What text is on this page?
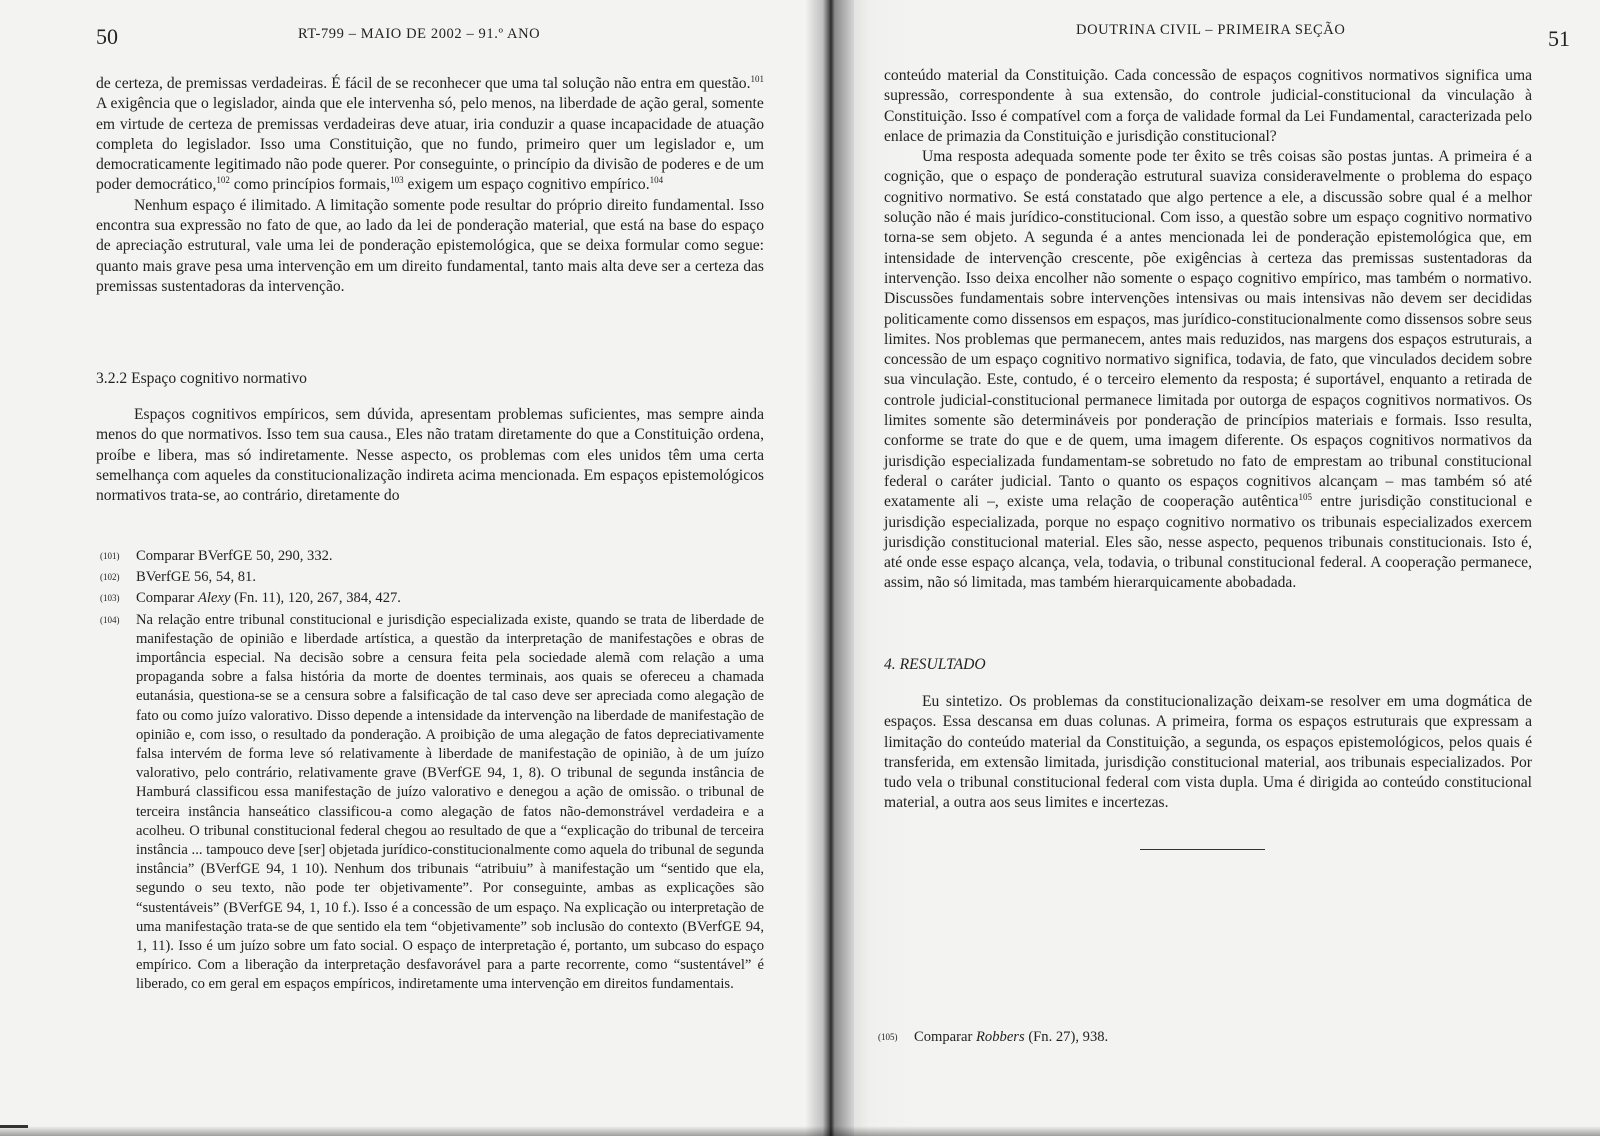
50	RT-799 – MAIO DE 2002 – 91.º ANO

de certeza, de premissas verdadeiras. É fácil de se reconhecer que uma tal solução não entra em questão.$^{101}$ A exigência que o legislador, ainda que ele intervenha só, pelo menos, na liberdade de ação geral, somente em virtude de certeza de premissas verdadeiras deve atuar, iria conduzir a quase incapacidade de atuação completa do legislador. Isso uma Constituição, que no fundo, primeiro quer um legislador e, um democraticamente legitimado não pode querer. Por conseguinte, o princípio da divisão de poderes e de um poder democrático,$^{102}$ como princípios formais,$^{103}$ exigem um espaço cognitivo empírico.$^{104}$

Nenhum espaço é ilimitado. A limitação somente pode resultar do próprio direito fundamental. Isso encontra sua expressão no fato de que, ao lado da lei de ponderação material, que está na base do espaço de apreciação estrutural, vale uma lei de ponderação epistemológica, que se deixa formular como segue: quanto mais grave pesa uma intervenção em um direito fundamental, tanto mais alta deve ser a certeza das premissas sustentadoras da intervenção.

3.2.2 Espaço cognitivo normativo

Espaços cognitivos empíricos, sem dúvida, apresentam problemas suficientes, mas sempre ainda menos do que normativos. Isso tem sua causa., Eles não tratam diretamente do que a Constituição ordena, proíbe e libera, mas só indiretamente. Nesse aspecto, os problemas com eles unidos têm uma certa semelhança com aqueles da constitucionalização indireta acima mencionada. Em espaços epistemológicos normativos trata-se, ao contrário, diretamente do

(101) Comparar BVerfGE 50, 290, 332.
(102) BVerfGE 56, 54, 81.
(103) Comparar Alexy (Fn. 11), 120, 267, 384, 427.
(104) Na relação entre tribunal constitucional e jurisdição especializada existe, quando se trata de liberdade de manifestação de opinião e liberdade artística, a questão da interpretação de manifestações e obras de importância especial. Na decisão sobre a censura feita pela sociedade alemã com relação a uma propaganda sobre a falsa história da morte de doentes terminais, aos quais se ofereceu a chamada eutanásia, questiona-se se a censura sobre a falsificação de tal caso deve ser apreciada como alegação de fato ou como juízo valorativo. Disso depende a intensidade da intervenção na liberdade de manifestação de opinião e, com isso, o resultado da ponderação. A proibição de uma alegação de fatos depreciativamente falsa intervém de forma leve só relativamente à liberdade de manifestação de opinião, à de um juízo valorativo, pelo contrário, relativamente grave (BVerfGE 94, 1, 8). O tribunal de segunda instância de Hamburá classificou essa manifestação de juízo valorativo e denegou a ação de omissão. o tribunal de terceira instância hanseático classificou-a como alegação de fatos não-demonstrável verdadeira e a acolheu. O tribunal constitucional federal chegou ao resultado de que a “explicação do tribunal de terceira instância ... tampouco deve [ser] objetada jurídico-constitucionalmente como aquela do tribunal de segunda instância” (BVerfGE 94, 1 10). Nenhum dos tribunais “atribuiu” à manifestação um “sentido que ela, segundo o seu texto, não pode ter objetivamente”. Por conseguinte, ambas as explicações são “sustentáveis” (BVerfGE 94, 1, 10 f.). Isso é a concessão de um espaço. Na explicação ou interpretação de uma manifestação trata-se de que sentido ela tem “objetivamente” sob inclusão do contexto (BVerfGE 94, 1, 11). Isso é um juízo sobre um fato social. O espaço de interpretação é, portanto, um subcaso do espaço empírico. Com a liberação da interpretação desfavorável para a parte recorrente, como “sustentável” é liberado, co em geral em espaços empíricos, indiretamente uma intervenção em direitos fundamentais.
DOUTRINA CIVIL – PRIMEIRA SEÇÃO	51

conteúdo material da Constituição. Cada concessão de espaços cognitivos normativos significa uma supressão, correspondente à sua extensão, do controle judicial-constitucional da vinculação à Constituição. Isso é compatível com a força de validade formal da Lei Fundamental, caracterizada pelo enlace de primazia da Constituição e jurisdição constitucional?

Uma resposta adequada somente pode ter êxito se três coisas são postas juntas. A primeira é a cognição, que o espaço de ponderação estrutural suaviza consideravelmente o problema do espaço cognitivo normativo. Se está constatado que algo pertence a ele, a discussão sobre qual é a melhor solução não é mais jurídico-constitucional. Com isso, a questão sobre um espaço cognitivo normativo torna-se sem objeto. A segunda é a antes mencionada lei de ponderação epistemológica que, em intensidade de intervenção crescente, põe exigências à certeza das premissas sustentadoras da intervenção. Isso deixa encolher não somente o espaço cognitivo empírico, mas também o normativo. Discussões fundamentais sobre intervenções intensivas ou mais intensivas não devem ser decididas politicamente como dissensos em espaços, mas jurídico-constitucionalmente como dissensos sobre seus limites. Nos problemas que permanecem, antes mais reduzidos, nas margens dos espaços estruturais, a concessão de um espaço cognitivo normativo significa, todavia, de fato, que vinculados decidem sobre sua vinculação. Este, contudo, é o terceiro elemento da resposta; é suportável, enquanto a retirada de controle judicial-constitucional permanece limitada por outorga de espaços cognitivos normativos. Os limites somente são determináveis por ponderação de princípios materiais e formais. Isso resulta, conforme se trate do que e de quem, uma imagem diferente. Os espaços cognitivos normativos da jurisdição especializada fundamentam-se sobretudo no fato de emprestam ao tribunal constitucional federal o caráter judicial. Tanto o quanto os espaços cognitivos alcançam – mas também só até exatamente ali –, existe uma relação de cooperação autêntica$^{105}$ entre jurisdição constitucional e jurisdição especializada, porque no espaço cognitivo normativo os tribunais especializados exercem jurisdição constitucional material. Eles são, nesse aspecto, pequenos tribunais constitucionais. Isto é, até onde esse espaço alcança, vela, todavia, o tribunal constitucional federal. A cooperação permanece, assim, não só limitada, mas também hierarquicamente abobadada.

4. RESULTADO

Eu sintetizo. Os problemas da constitucionalização deixam-se resolver em uma dogmática de espaços. Essa descansa em duas colunas. A primeira, forma os espaços estruturais que expressam a limitação do conteúdo material da Constituição, a segunda, os espaços epistemológicos, pelos quais é transferida, em extensão limitada, jurisdição constitucional material, aos tribunais especializados. Por tudo vela o tribunal constitucional federal com vista dupla. Uma é dirigida ao conteúdo constitucional material, a outra aos seus limites e incertezas.

(105) Comparar Robbers (Fn. 27), 938.
